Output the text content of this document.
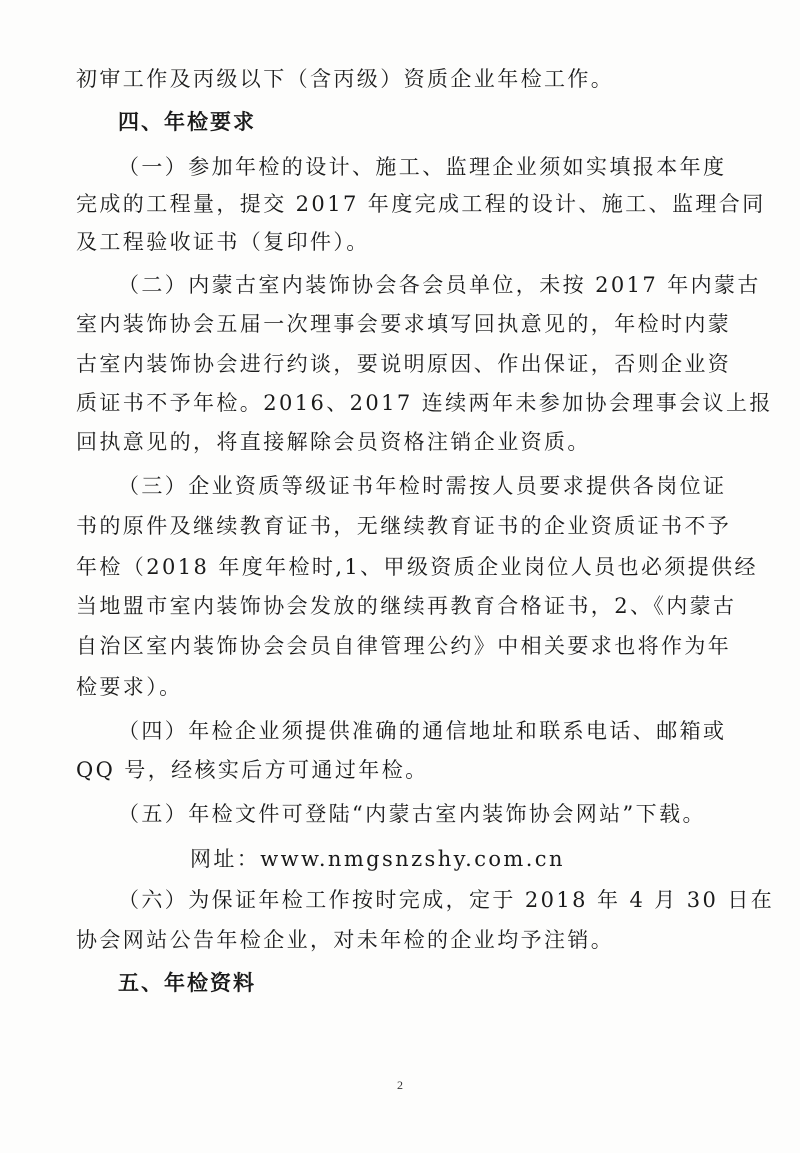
初审工作及丙级以下（含丙级）资质企业年检工作。
四、年检要求
（一）参加年检的设计、施工、监理企业须如实填报本年度
完成的工程量，提交 2017 年度完成工程的设计、施工、监理合同
及工程验收证书（复印件）。
（二）内蒙古室内装饰协会各会员单位，未按 2017 年内蒙古
室内装饰协会五届一次理事会要求填写回执意见的，年检时内蒙
古室内装饰协会进行约谈，要说明原因、作出保证，否则企业资
质证书不予年检。2016、2017 连续两年未参加协会理事会议上报
回执意见的，将直接解除会员资格注销企业资质。
（三）企业资质等级证书年检时需按人员要求提供各岗位证
书的原件及继续教育证书，无继续教育证书的企业资质证书不予
年检（2018 年度年检时,1、甲级资质企业岗位人员也必须提供经
当地盟市室内装饰协会发放的继续再教育合格证书，2、《内蒙古
自治区室内装饰协会会员自律管理公约》中相关要求也将作为年
检要求）。
（四）年检企业须提供准确的通信地址和联系电话、邮箱或
QQ 号，经核实后方可通过年检。
（五）年检文件可登陆“内蒙古室内装饰协会网站”下载。
网址：www.nmgsnzshy.com.cn
（六）为保证年检工作按时完成，定于 2018 年 4 月 30 日在
协会网站公告年检企业，对未年检的企业均予注销。
五、年检资料
2
